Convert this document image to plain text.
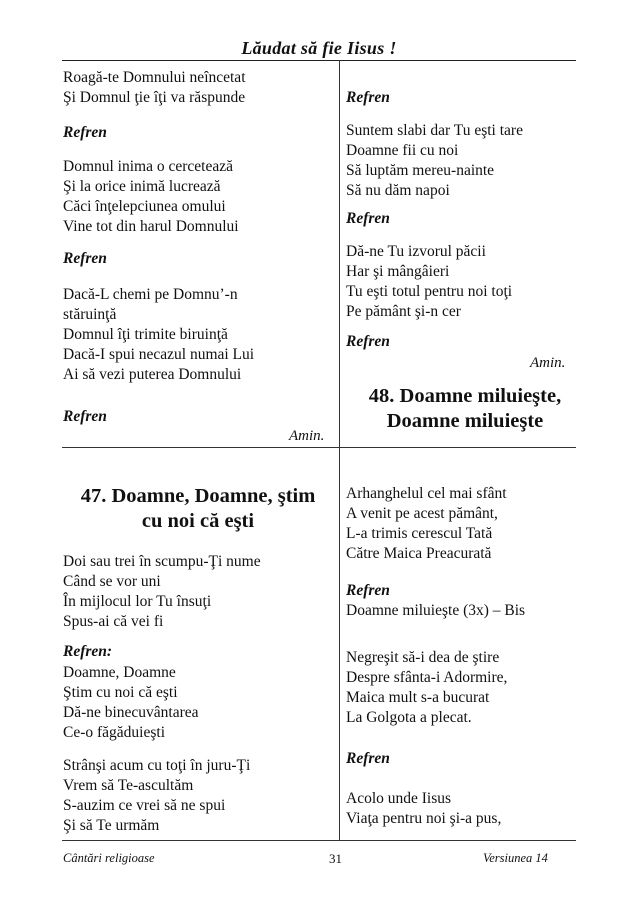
Lăudat să fie Iisus !
Roagă-te Domnului neîncetat
Şi Domnul ţie îţi va răspunde
Refren
Domnul inima o cercetează
Şi la orice inimă lucrează
Căci înţelepciunea omului
Vine tot din harul Domnului
Refren
Dacă-L chemi pe Domnu’-n
stăruinţă
Domnul îţi trimite biruinţă
Dacă-I spui necazul numai Lui
Ai să vezi puterea Domnului
Refren
Amin.
Refren
Suntem slabi dar Tu eşti tare
Doamne fii cu noi
Să luptăm mereu-nainte
Să nu dăm napoi
Refren
Dă-ne Tu izvorul păcii
Har şi mângâieri
Tu eşti totul pentru noi toţi
Pe pământ şi-n cer
Refren
Amin.
48. Doamne miluieşte,
Doamne miluieşte
47. Doamne, Doamne, ştim
cu noi că eşti
Doi sau trei în scumpu-Ţi nume
Când se vor uni
În mijlocul lor Tu însuţi
Spus-ai că vei fi
Refren:
Doamne, Doamne
Ştim cu noi că eşti
Dă-ne binecuvântarea
Ce-o făgăduieşti
Strânşi acum cu toţi în juru-Ţi
Vrem să Te-ascultăm
S-auzim ce vrei să ne spui
Şi să Te urmăm
Arhanghelul cel mai sfânt
A venit pe acest pământ,
L-a trimis cerescul Tată
Către Maica Preacurată
Refren
Doamne miluieşte (3x) – Bis
Negreşit să-i dea de ştire
Despre sfânta-i Adormire,
Maica mult s-a bucurat
La Golgota a plecat.
Refren
Acolo unde Iisus
Viaţa pentru noi şi-a pus,
Cântări religioase	31	Versiunea 14
